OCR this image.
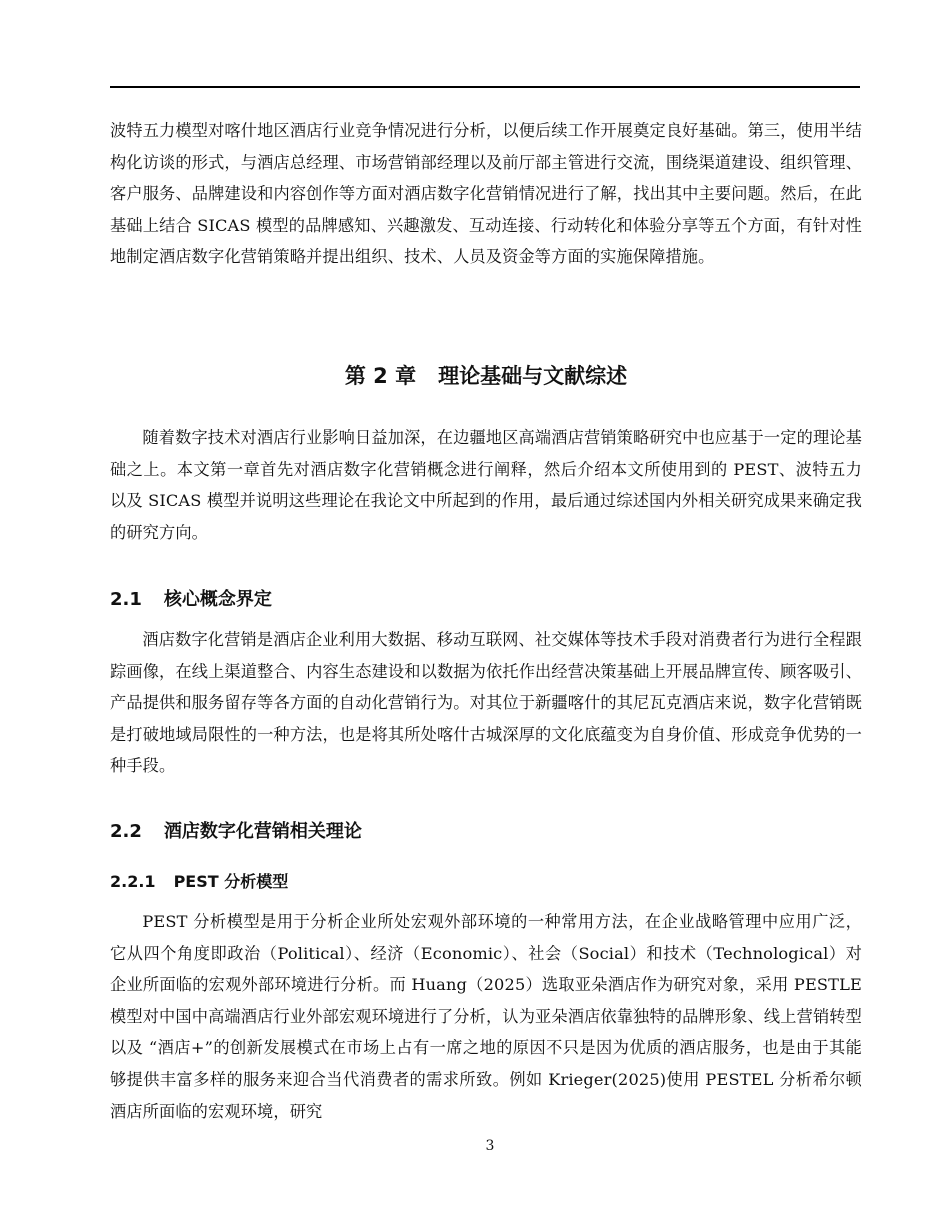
波特五力模型对喀什地区酒店行业竞争情况进行分析，以便后续工作开展奠定良好基础。第三，使用半结构化访谈的形式，与酒店总经理、市场营销部经理以及前厅部主管进行交流，围绕渠道建设、组织管理、客户服务、品牌建设和内容创作等方面对酒店数字化营销情况进行了解，找出其中主要问题。然后，在此基础上结合 SICAS 模型的品牌感知、兴趣激发、互动连接、行动转化和体验分享等五个方面，有针对性地制定酒店数字化营销策略并提出组织、技术、人员及资金等方面的实施保障措施。

第 2 章 理论基础与文献综述

随着数字技术对酒店行业影响日益加深，在边疆地区高端酒店营销策略研究中也应基于一定的理论基础之上。本文第一章首先对酒店数字化营销概念进行阐释，然后介绍本文所使用到的 PEST、波特五力以及 SICAS 模型并说明这些理论在我论文中所起到的作用，最后通过综述国内外相关研究成果来确定我的研究方向。

2.1 核心概念界定

酒店数字化营销是酒店企业利用大数据、移动互联网、社交媒体等技术手段对消费者行为进行全程跟踪画像，在线上渠道整合、内容生态建设和以数据为依托作出经营决策基础上开展品牌宣传、顾客吸引、产品提供和服务留存等各方面的自动化营销行为。对其位于新疆喀什的其尼瓦克酒店来说，数字化营销既是打破地域局限性的一种方法，也是将其所处喀什古城深厚的文化底蕴变为自身价值、形成竞争优势的一种手段。

2.2 酒店数字化营销相关理论
2.2.1 PEST 分析模型

PEST 分析模型是用于分析企业所处宏观外部环境的一种常用方法，在企业战略管理中应用广泛，它从四个角度即政治（Political）、经济（Economic）、社会（Social）和技术（Technological）对企业所面临的宏观外部环境进行分析。而 Huang（2025）选取亚朵酒店作为研究对象，采用 PESTLE 模型对中国中高端酒店行业外部宏观环境进行了分析，认为亚朵酒店依靠独特的品牌形象、线上营销转型以及 “酒店+”的创新发展模式在市场上占有一席之地的原因不只是因为优质的酒店服务，也是由于其能够提供丰富多样的服务来迎合当代消费者的需求所致。例如 Krieger(2025)使用 PESTEL 分析希尔顿酒店所面临的宏观环境，研究

3
